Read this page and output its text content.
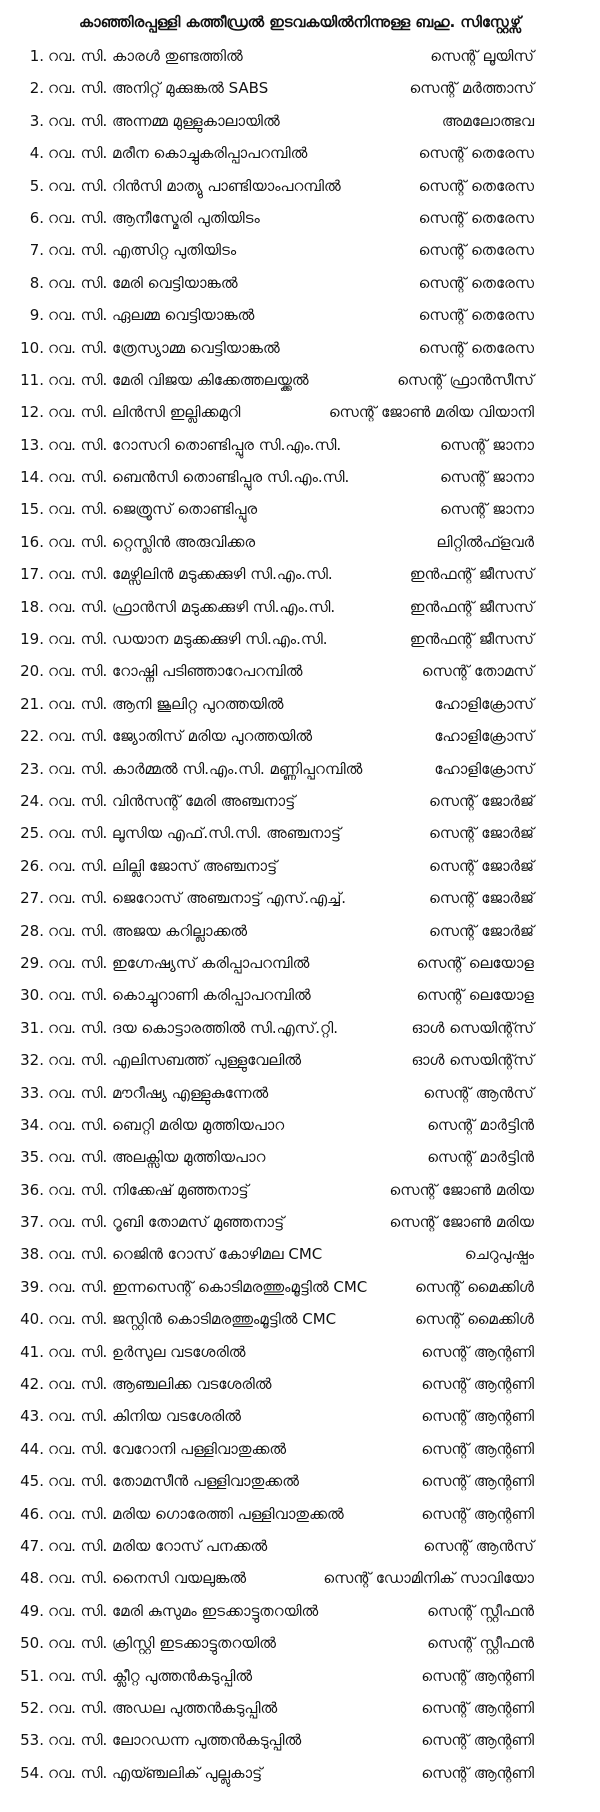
കാഞ്ഞിരപ്പള്ളി കത്തീഡ്രല്‍ ഇടവകയില്‍നിന്നുള്ള ബഹു. സിസ്റ്റേഴ്സ്
1. റവ. സി. കാരള്‍ തുണ്ടത്തില്‍	സെന്റ് ലൂയിസ്
2. റവ. സി. അനിറ്റ് മുക്കുങ്കല്‍ SABS	സെന്റ് മര്‍ത്താസ്
3. റവ. സി. അന്നമ്മ മുള്ളുകാലായില്‍	അമലോത്ഭവ
4. റവ. സി. മരീന കൊച്ചുകരിപ്പാപറമ്പില്‍	സെന്റ് തെരേസ
5. റവ. സി. റിന്‍സി മാത്യു പാണ്ടിയാംപറമ്പില്‍	സെന്റ് തെരേസ
6. റവ. സി. ആനീസ്മേരി പുതിയിടം	സെന്റ് തെരേസ
7. റവ. സി. എത്സിറ്റ പുതിയിടം	സെന്റ് തെരേസ
8. റവ. സി. മേരി വെട്ടിയാങ്കല്‍	സെന്റ് തെരേസ
9. റവ. സി. ഏലമ്മ വെട്ടിയാങ്കല്‍	സെന്റ് തെരേസ
10. റവ. സി. ത്രേസ്യാമ്മ വെട്ടിയാങ്കല്‍	സെന്റ് തെരേസ
11. റവ. സി. മേരി വിജയ കിക്കേത്തലയ്ക്കല്‍	സെന്റ് ഫ്രാന്‍സീസ്
12. റവ. സി. ലിന്‍സി ഇല്ലിക്കമുറി	സെന്റ് ജോണ്‍ മരിയ വിയാനി
13. റവ. സി. റോസറി തൊണ്ടിപ്പുര സി.എം.സി.	സെന്റ് ജാനാ
14. റവ. സി. ബെന്‍സി തൊണ്ടിപ്പുര സി.എം.സി.	സെന്റ് ജാനാ
15. റവ. സി. ജെത്രൂസ് തൊണ്ടിപ്പുര	സെന്റ് ജാനാ
16. റവ. സി. റ്റെസ്ലിന്‍ അരുവിക്കര	ലിറ്റില്‍ഫ്ളവര്‍
17. റവ. സി. മേഴ്സിലിന്‍ മടുക്കക്കുഴി സി.എം.സി.	ഇന്‍ഫന്റ് ജീസസ്
18. റവ. സി. ഫ്രാന്‍സി മടുക്കക്കുഴി സി.എം.സി.	ഇന്‍ഫന്റ് ജീസസ്
19. റവ. സി. ഡയാന മടുക്കക്കുഴി സി.എം.സി.	ഇന്‍ഫന്റ് ജീസസ്
20. റവ. സി. റോഷ്നി പടിഞ്ഞാറേപറമ്പില്‍	സെന്റ് തോമസ്
21. റവ. സി. ആനി ജൂലിറ്റ പുറത്തയില്‍	ഹോളിക്രോസ്
22. റവ. സി. ജ്യോതിസ് മരിയ പുറത്തയില്‍	ഹോളിക്രോസ്
23. റവ. സി. കാര്‍മ്മല്‍ സി.എം.സി. മണ്ണിപ്പറമ്പില്‍	ഹോളിക്രോസ്
24. റവ. സി. വിന്‍സന്റ് മേരി അഞ്ചനാട്ട്	സെന്റ് ജോര്‍ജ്
25. റവ. സി. ലൂസിയ എഫ്.സി.സി. അഞ്ചനാട്ട്	സെന്റ് ജോര്‍ജ്
26. റവ. സി. ലില്ലി ജോസ് അഞ്ചനാട്ട്	സെന്റ് ജോര്‍ജ്
27. റവ. സി. ജെറോസ് അഞ്ചനാട്ട് എസ്.എച്ച്.	സെന്റ് ജോര്‍ജ്
28. റവ. സി. അജയ കറില്ലാക്കല്‍	സെന്റ് ജോര്‍ജ്
29. റവ. സി. ഇഗ്നേഷ്യസ് കരിപ്പാപറമ്പില്‍	സെന്റ് ലെയോള
30. റവ. സി. കൊച്ചുറാണി കരിപ്പാപറമ്പില്‍	സെന്റ് ലെയോള
31. റവ. സി. ദയ കൊട്ടാരത്തില്‍ സി.എസ്.റ്റി.	ഓള്‍ സെയിന്റ്സ്
32. റവ. സി. എലിസബത്ത് പുള്ളുവേലില്‍	ഓള്‍ സെയിന്റ്സ്
33. റവ. സി. മൗറീഷ്യ എള്ളുകുന്നേല്‍	സെന്റ് ആന്‍സ്
34. റവ. സി. ബെറ്റി മരിയ മുത്തിയപാറ	സെന്റ് മാര്‍ട്ടിന്‍
35. റവ. സി. അലക്സിയ മുത്തിയപാറ	സെന്റ് മാര്‍ട്ടിന്‍
36. റവ. സി. നിക്കേഷ് മുഞ്ഞനാട്ട്	സെന്റ് ജോണ്‍ മരിയ
37. റവ. സി. റൂബി തോമസ് മുഞ്ഞനാട്ട്	സെന്റ് ജോണ്‍ മരിയ
38. റവ. സി. റെജിന്‍ റോസ് കോഴിമല CMC	ചെറുപുഷ്പം
39. റവ. സി. ഇന്നസെന്റ് കൊടിമരത്തുംമൂട്ടില്‍ CMC	സെന്റ് മൈക്കിള്‍
40. റവ. സി. ജസ്റ്റിന്‍ കൊടിമരത്തുംമൂട്ടില്‍ CMC	സെന്റ് മൈക്കിള്‍
41. റവ. സി. ഉര്‍സുല വടശേരില്‍	സെന്റ് ആന്റണി
42. റവ. സി. ആഞ്ചലിക്ക വടശേരില്‍	സെന്റ് ആന്റണി
43. റവ. സി. കിനിയ വടശേരില്‍	സെന്റ് ആന്റണി
44. റവ. സി. വേറോനി പള്ളിവാതുക്കല്‍	സെന്റ് ആന്റണി
45. റവ. സി. തോമസീന്‍ പള്ളിവാതുക്കല്‍	സെന്റ് ആന്റണി
46. റവ. സി. മരിയ ഗൊരേത്തി പള്ളിവാതുക്കല്‍	സെന്റ് ആന്റണി
47. റവ. സി. മരിയ റോസ് പനക്കല്‍	സെന്റ് ആന്‍സ്
48. റവ. സി. നൈസി വയലുങ്കല്‍	സെന്റ് ഡോമിനിക് സാവിയോ
49. റവ. സി. മേരി കുസുമം ഇടക്കാട്ടുതറയില്‍	സെന്റ് സ്റ്റീഫന്‍
50. റവ. സി. ക്രിസ്റ്റി ഇടക്കാട്ടുതറയില്‍	സെന്റ് സ്റ്റീഫന്‍
51. റവ. സി. ക്ലീറ്റ പുത്തന്‍കടുപ്പില്‍	സെന്റ് ആന്റണി
52. റവ. സി. അഡല പുത്തന്‍കടുപ്പില്‍	സെന്റ് ആന്റണി
53. റവ. സി. ലോറഡന്ന പുത്തന്‍കടുപ്പില്‍	സെന്റ് ആന്റണി
54. റവ. സി. എയ്ഞ്ചലിക് പുല്ലുകാട്ട്	സെന്റ് ആന്റണി
